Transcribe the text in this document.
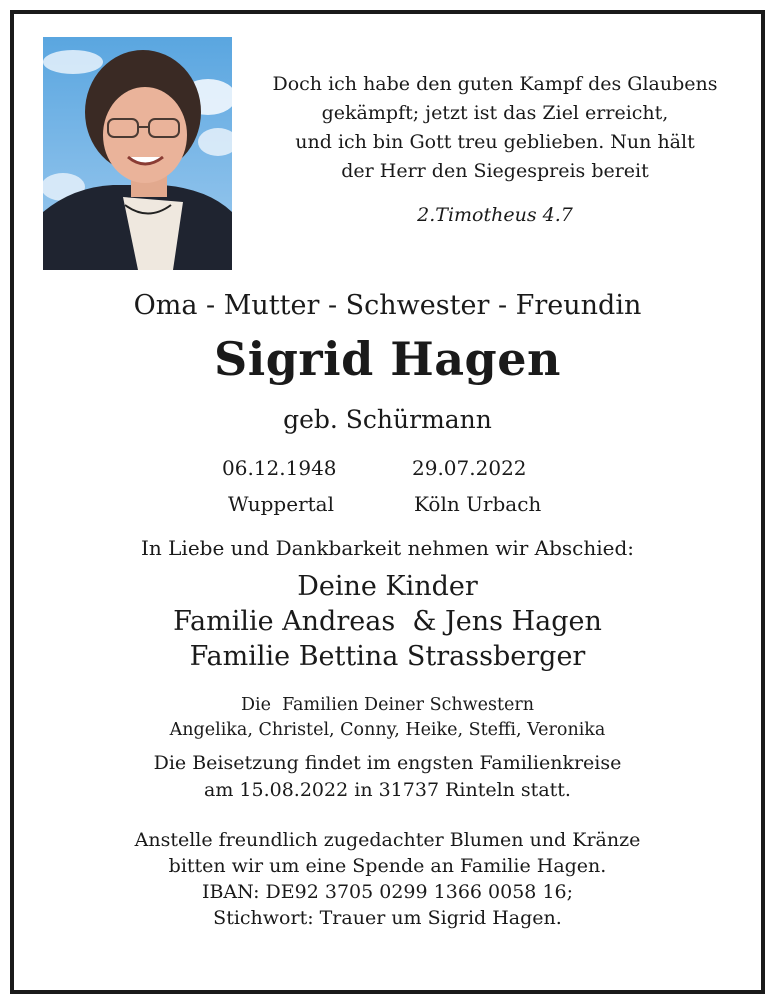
Doch ich habe den guten Kampf des Glaubens
gekämpft; jetzt ist das Ziel erreicht,
und ich bin Gott treu geblieben. Nun hält
der Herr den Siegespreis bereit
2.Timotheus 4.7
Oma - Mutter - Schwester - Freundin
Sigrid Hagen
geb. Schürmann
06.12.1948	29.07.2022
Wuppertal	Köln Urbach
In Liebe und Dankbarkeit nehmen wir Abschied:
Deine Kinder
Familie Andreas  & Jens Hagen
Familie Bettina Strassberger
Die  Familien Deiner Schwestern
Angelika, Christel, Conny, Heike, Steffi, Veronika
Die Beisetzung findet im engsten Familienkreise
am 15.08.2022 in 31737 Rinteln statt.
Anstelle freundlich zugedachter Blumen und Kränze
bitten wir um eine Spende an Familie Hagen.
IBAN: DE92 3705 0299 1366 0058 16;
Stichwort: Trauer um Sigrid Hagen.
